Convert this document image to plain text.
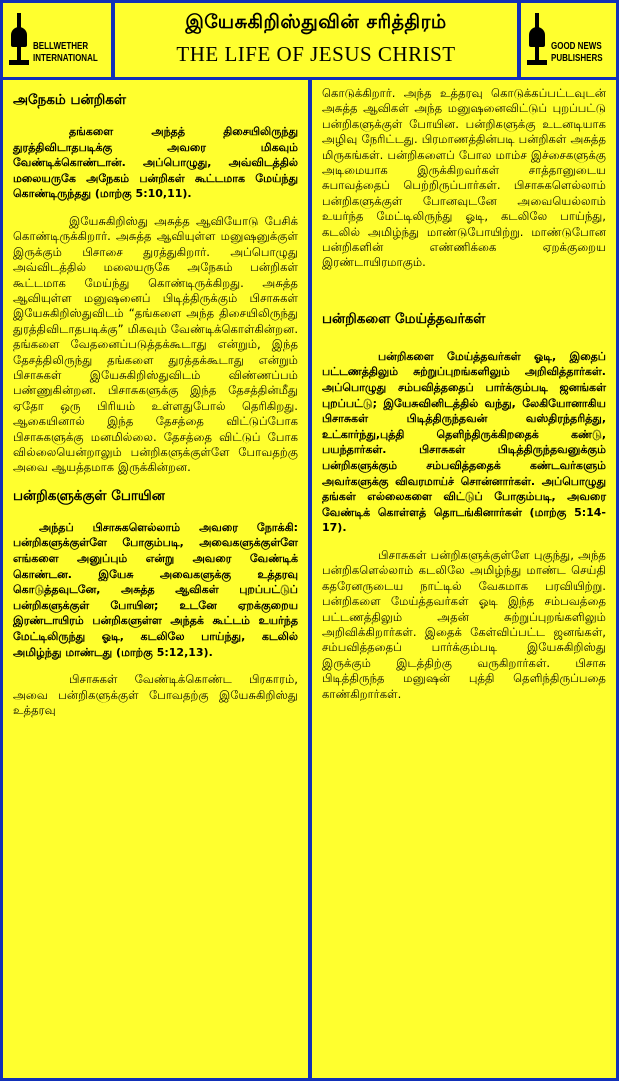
BELLWETHER
INTERNATIONAL
இயேசுகிறிஸ்துவின் சரித்திரம்
THE LIFE OF JESUS CHRIST	GOOD NEWS
PUBLISHERS
அநேகம் பன்றிகள்

தங்களை அந்தத் திசையிலிருந்து துரத்திவிடாதபடிக்கு அவரை மிகவும் வேண்டிக்கொண்டான். அப்பொழுது, அவ்விடத்தில் மலையருகே அநேகம் பன்றிகள் கூட்டமாக மேய்ந்து கொண்டிருந்தது (மாற்கு 5:10,11).

இயேசுகிறிஸ்து அசுத்த ஆவியோடு பேசிக் கொண்டிருக்கிறார். அசுத்த ஆவியுள்ள மனுஷனுக்குள் இருக்கும் பிசாசை துரத்துகிறார். அப்பொழுது அவ்விடத்தில் மலையருகே அநேகம் பன்றிகள் கூட்டமாக மேய்ந்து கொண்டிருக்கிறது. அசுத்த ஆவியுள்ள மனுஷனைப் பிடித்திருக்கும் பிசாசுகள் இயேசுகிறிஸ்துவிடம் “தங்களை அந்த திசையிலிருந்து துரத்திவிடாதபடிக்கு” மிகவும் வேண்டிக்கொள்கின்றன. தங்களை வேதனைப்படுத்தக்கூடாது என்றும், இந்த தேசத்திலிருந்து தங்களை துரத்தக்கூடாது என்றும் பிசாசுகள் இயேசுகிறிஸ்துவிடம் விண்ணப்பம் பண்ணுகின்றன. பிசாசுகளுக்கு இந்த தேசத்தின்மீது ஏதோ ஒரு பிரியம் உள்ளதுபோல் தெரிகிறது. ஆகையினால் இந்த தேசத்தை விட்டுப்போக பிசாசுகளுக்கு மனமில்லை. தேசத்தை விட்டுப் போக வில்லையென்றாலும் பன்றிகளுக்குள்ளே போவதற்கு அவை ஆயத்தமாக இருக்கின்றன.

பன்றிகளுக்குள் போயின

அந்தப் பிசாசுகளெல்லாம் அவரை நோக்கி: பன்றிகளுக்குள்ளே போகும்படி, அவைகளுக்குள்ளே எங்களை அனுப்பும் என்று அவரை வேண்டிக் கொண்டன. இயேசு அவைகளுக்கு உத்தரவு கொடுத்தவுடனே, அசுத்த ஆவிகள் புறப்பட்டுப் பன்றிகளுக்குள் போயின; உடனே ஏறக்குறைய இரண்டாயிரம் பன்றிகளுள்ள அந்தக் கூட்டம் உயர்ந்த மேட்டிலிருந்து ஓடி, கடலிலே பாய்ந்து, கடலில் அமிழ்ந்து மாண்டது (மாற்கு 5:12,13).

பிசாசுகள் வேண்டிக்கொண்ட பிரகாரம், அவை பன்றிகளுக்குள் போவதற்கு இயேசுகிறிஸ்து உத்தரவு

கொடுக்கிறார். அந்த உத்தரவு கொடுக்கப்பட்டவுடன் அசுத்த ஆவிகள் அந்த மனுஷனைவிட்டுப் புறப்பட்டு பன்றிகளுக்குள் போயின. பன்றிகளுக்கு உடனடியாக அழிவு நேரிட்டது. பிரமாணத்தின்படி பன்றிகள் அசுத்த மிருகங்கள். பன்றிகளைப் போல மாம்ச இச்சைகளுக்கு அடிமையாக இருக்கிறவர்கள் சாத்தானுடைய சுபாவத்தைப் பெற்றிருப்பார்கள். பிசாசுகளெல்லாம் பன்றிகளுக்குள் போனவுடனே அவையெல்லாம் உயர்ந்த மேட்டிலிருந்து ஓடி, கடலிலே பாய்ந்து, கடலில் அமிழ்ந்து மாண்டுபோயிற்று. மாண்டுபோன பன்றிகளின் எண்ணிக்கை ஏறக்குறைய இரண்டாயிரமாகும்.

பன்றிகளை மேய்த்தவர்கள்

பன்றிகளை மேய்த்தவர்கள் ஓடி, இதைப் பட்டணத்திலும் சுற்றுப்புறங்களிலும் அறிவித்தார்கள். அப்பொழுது சம்பவித்ததைப் பார்க்கும்படி ஜனங்கள் புறப்பட்டு; இயேசுவினிடத்தில் வந்து, லேகியோனாகிய பிசாசுகள் பிடித்திருந்தவன் வஸ்திரந்தரித்து, உட்கார்ந்து,புத்தி தெளிந்திருக்கிறதைக் கண்டு, பயந்தார்கள். பிசாசுகள் பிடித்திருந்தவனுக்கும் பன்றிகளுக்கும் சம்பவித்ததைக் கண்டவர்களும் அவர்களுக்கு விவரமாய்ச் சொன்னார்கள். அப்பொழுது தங்கள் எல்லைகளை விட்டுப் போகும்படி, அவரை வேண்டிக் கொள்ளத் தொடங்கினார்கள் (மாற்கு 5:14-17).

பிசாசுகள் பன்றிகளுக்குள்ளே புகுந்து, அந்த பன்றிகளெல்லாம் கடலிலே அமிழ்ந்து மாண்ட செய்தி கதரேனருடைய நாட்டில் வேகமாக பரவியிற்று. பன்றிகளை மேய்த்தவர்கள் ஓடி இந்த சம்பவத்தை பட்டணத்திலும் அதன் சுற்றுப்புறங்களிலும் அறிவிக்கிறார்கள். இதைக் கேள்விப்பட்ட ஜனங்கள், சம்பவித்ததைப் பார்க்கும்படி இயேசுகிறிஸ்து இருக்கும் இடத்திற்கு வருகிறார்கள். பிசாசு பிடித்திருந்த மனுஷன் புத்தி தெளிந்திருப்பதை காண்கிறார்கள்.
